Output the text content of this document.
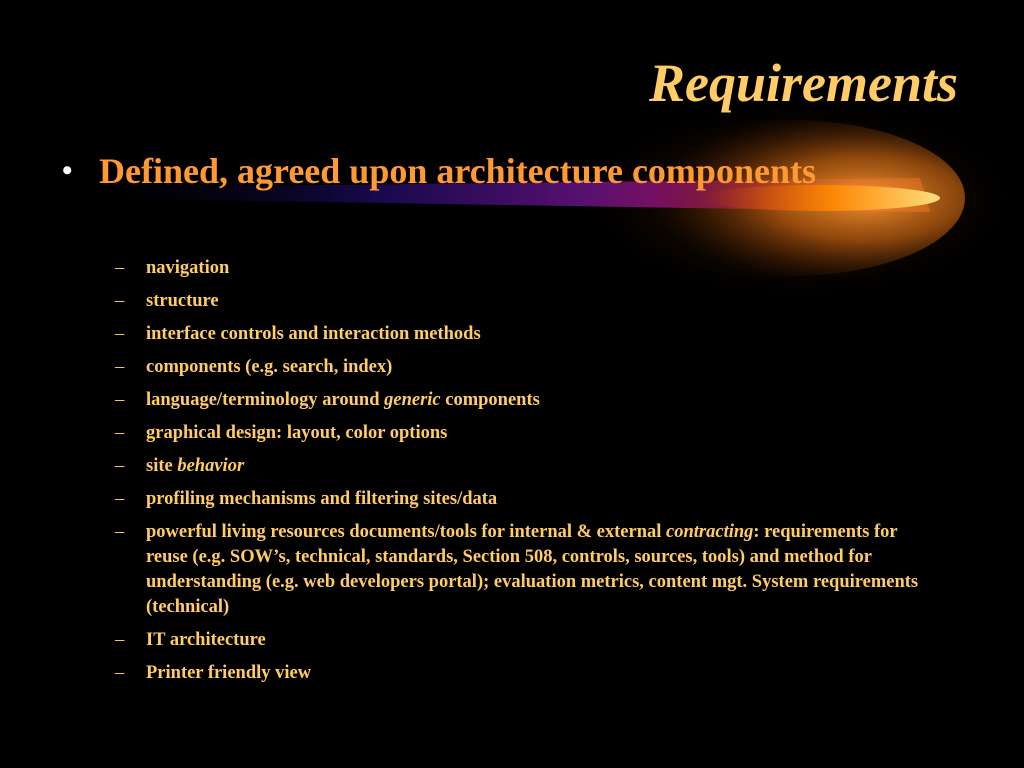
Requirements
• Defined, agreed upon architecture components
– navigation
– structure
– interface controls and interaction methods
– components (e.g. search, index)
– language/terminology around generic components
– graphical design: layout, color options
– site behavior
– profiling mechanisms and filtering sites/data
– powerful living resources documents/tools for internal & external contracting: requirements for reuse (e.g. SOW’s, technical, standards, Section 508, controls, sources, tools) and method for understanding (e.g. web developers portal); evaluation metrics, content mgt. System requirements (technical)
– IT architecture
– Printer friendly view
